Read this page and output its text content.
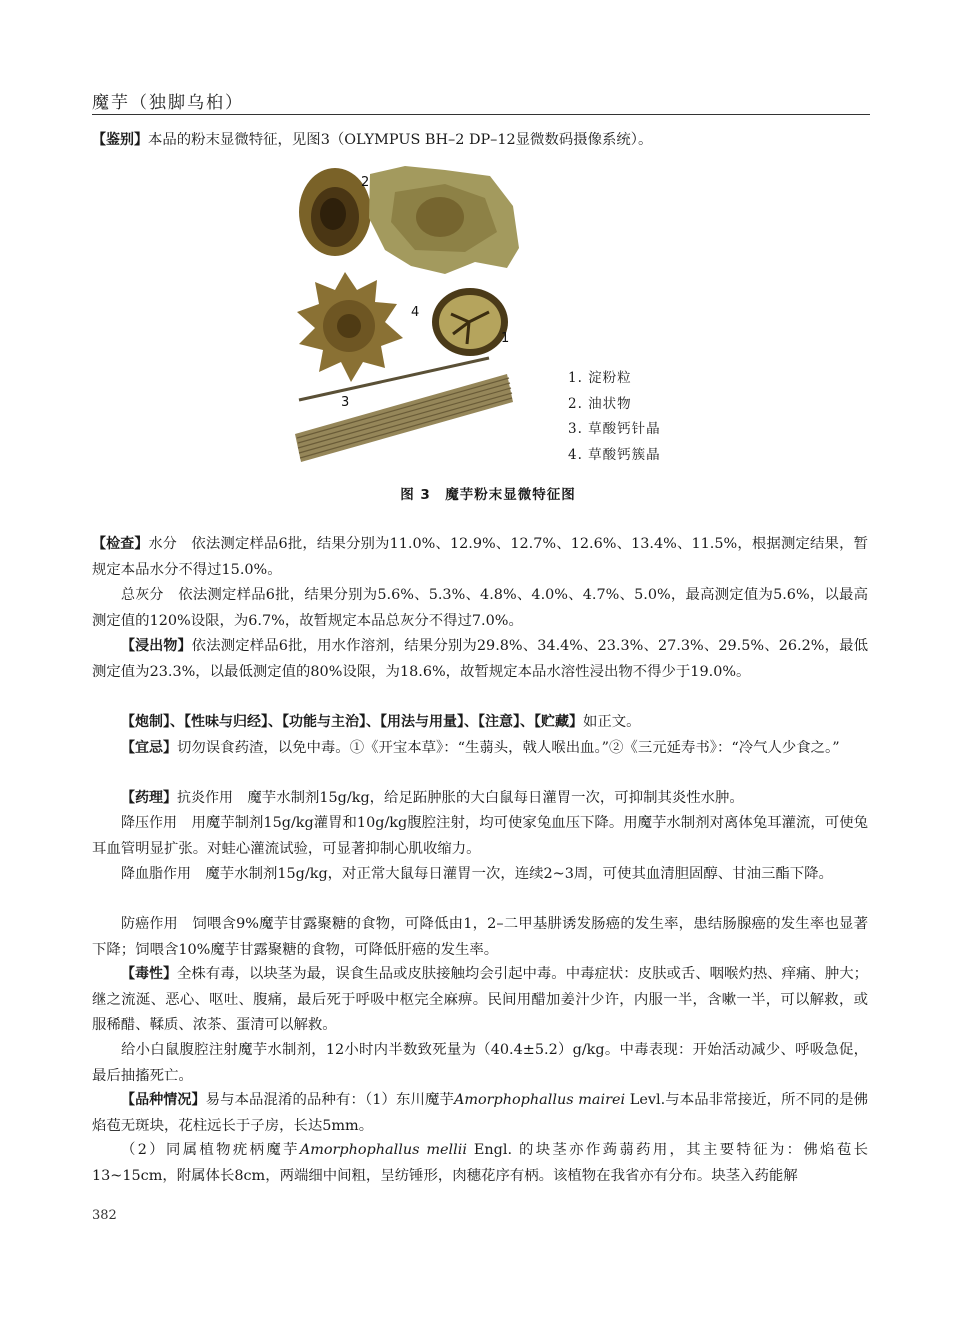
魔芋（独脚乌桕）

【鉴别】本品的粉末显微特征，见图3（OLYMPUS BH–2 DP–12显微数码摄像系统）。

2
1
3
4
1. 淀粉粒
2. 油状物
3. 草酸钙针晶
4. 草酸钙簇晶
图 3　魔芋粉末显微特征图

【检查】水分　 依法测定样品6批，结果分别为11.0%、12.9%、12.7%、12.6%、13.4%、11.5%，根据测定结果，暂规定本品水分不得过15.0%。

总灰分　 依法测定样品6批，结果分别为5.6%、5.3%、4.8%、4.0%、4.7%、5.0%，最高测定值为5.6%，以最高测定值的120%设限，为6.7%，故暂规定本品总灰分不得过7.0%。

【浸出物】依法测定样品6批，用水作溶剂，结果分别为29.8%、34.4%、23.3%、27.3%、29.5%、26.2%，最低测定值为23.3%，以最低测定值的80%设限，为18.6%，故暂规定本品水溶性浸出物不得少于19.0%。

【炮制】、【性味与归经】、【功能与主治】、【用法与用量】、【注意】、【贮藏】如正文。

【宜忌】切勿误食药渣，以免中毒。①《开宝本草》：“生蒻头，戟人喉出血。”②《三元延寿书》：“冷气人少食之。”

【药理】抗炎作用　 魔芋水制剂15g/kg，给足跖肿胀的大白鼠每日灌胃一次，可抑制其炎性水肿。

降压作用　 用魔芋制剂15g/kg灌胃和10g/kg腹腔注射，均可使家兔血压下降。用魔芋水制剂对离体兔耳灌流，可使兔耳血管明显扩张。对蛙心灌流试验，可显著抑制心肌收缩力。

降血脂作用　 魔芋水制剂15g/kg，对正常大鼠每日灌胃一次，连续2~3周，可使其血清胆固醇、甘油三酯下降。

防癌作用　 饲喂含9%魔芋甘露聚糖的食物，可降低由1，2–二甲基肼诱发肠癌的发生率，患结肠腺癌的发生率也显著下降；饲喂含10%魔芋甘露聚糖的食物，可降低肝癌的发生率。

【毒性】全株有毒，以块茎为最，误食生品或皮肤接触均会引起中毒。中毒症状：皮肤或舌、咽喉灼热、痒痛、肿大；继之流涎、恶心、呕吐、腹痛，最后死于呼吸中枢完全麻痹。民间用醋加姜汁少许，内服一半，含嗽一半，可以解救，或服稀醋、鞣质、浓茶、蛋清可以解救。

给小白鼠腹腔注射魔芋水制剂，12小时内半数致死量为（40.4±5.2）g/kg。中毒表现：开始活动减少、呼吸急促，最后抽搐死亡。

【品种情况】易与本品混淆的品种有：（1）东川魔芋Amorphophallus mairei Levl.与本品非常接近，所不同的是佛焰苞无斑块，花柱远长于子房，长达5mm。

（2）同属植物疣柄魔芋Amorphophallus mellii Engl. 的块茎亦作蒟蒻药用，其主要特征为：佛焰苞长13~15cm，附属体长8cm，两端细中间粗，呈纺锤形，肉穗花序有柄。该植物在我省亦有分布。块茎入药能解

382
